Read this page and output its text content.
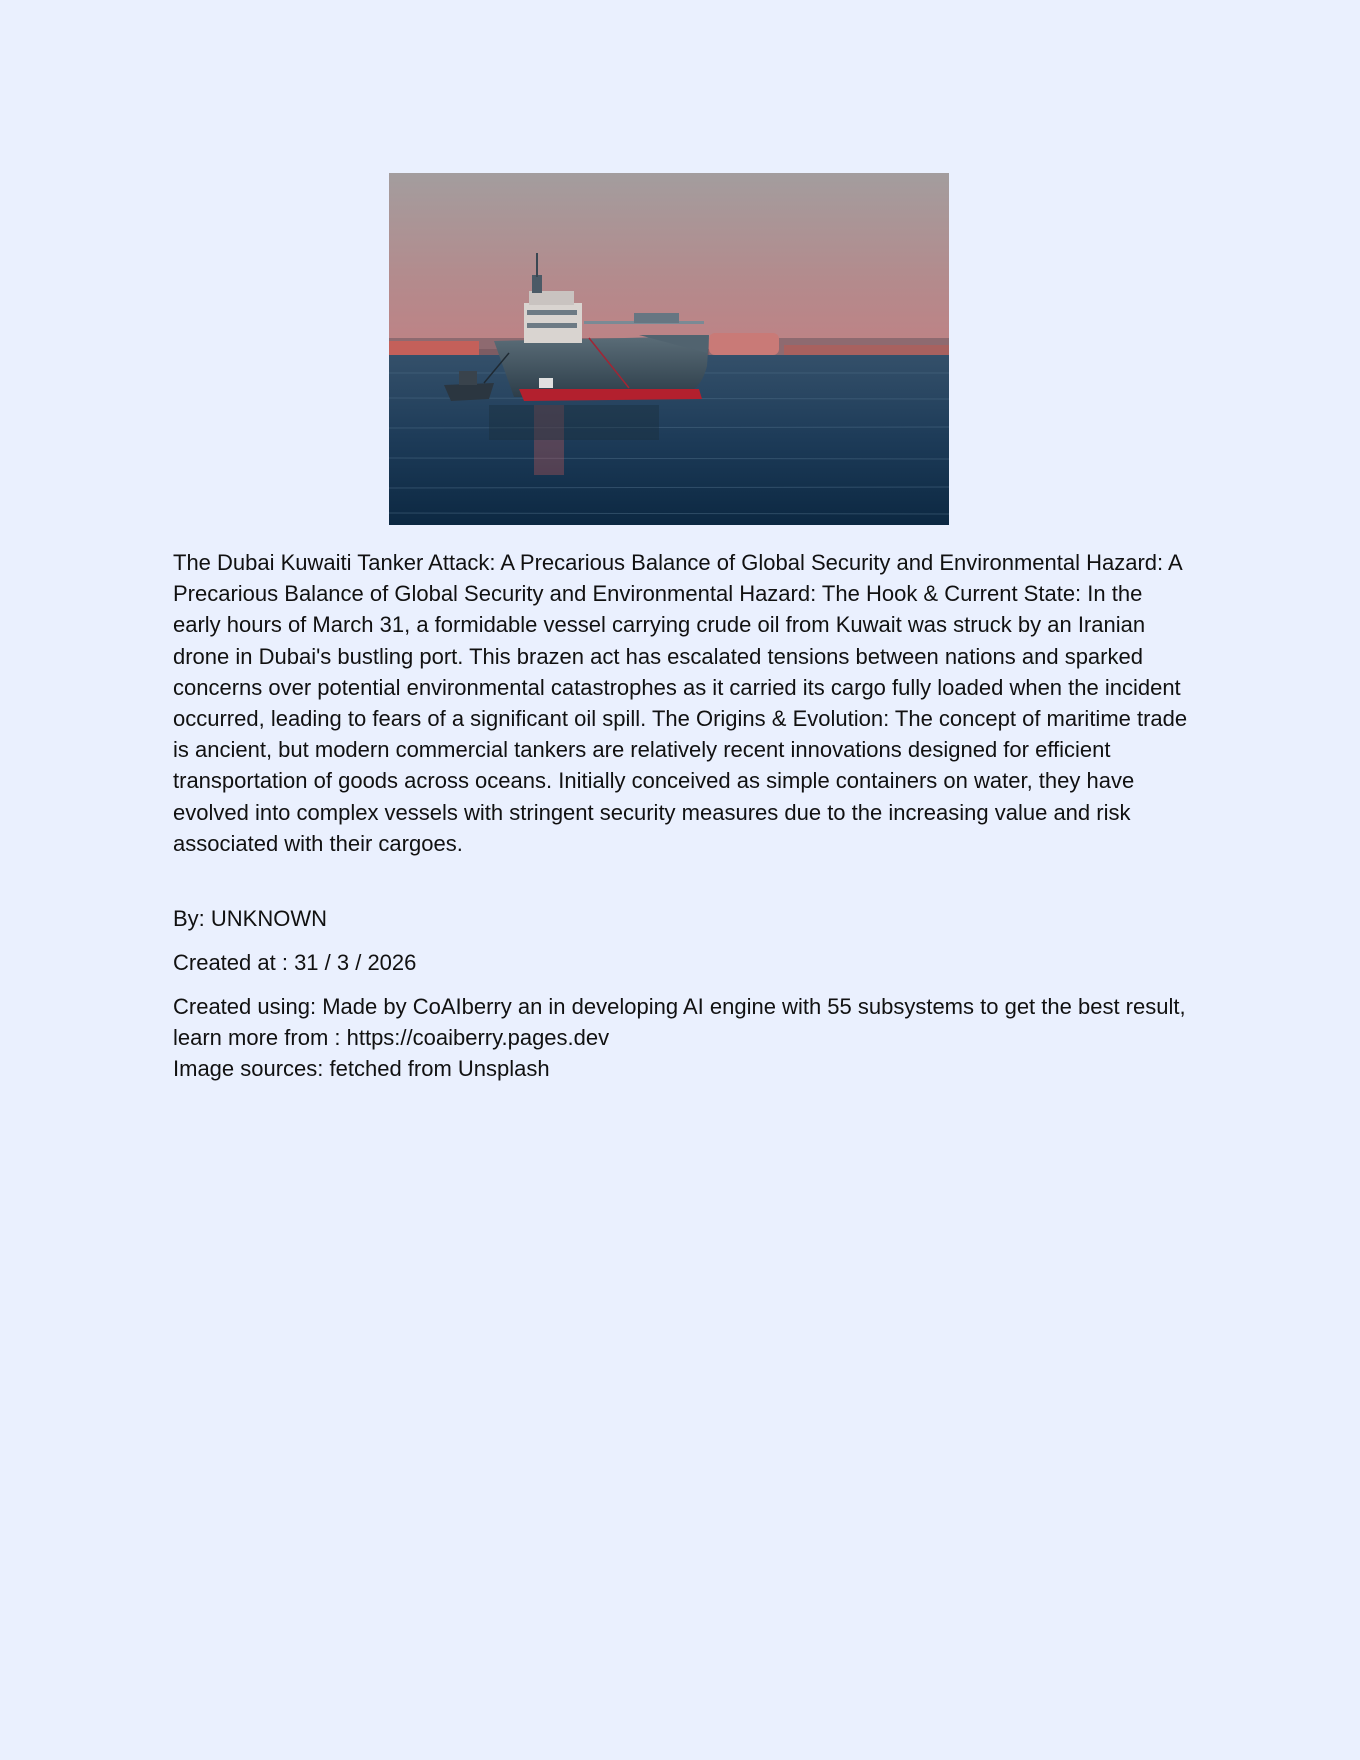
The Dubai Kuwaiti Tanker Attack: A Precarious Balance of Global Security and Environmental Hazard: A Precarious Balance of Global Security and Environmental Hazard: The Hook & Current State: In the early hours of March 31, a formidable vessel carrying crude oil from Kuwait was struck by an Iranian drone in Dubai's bustling port. This brazen act has escalated tensions between nations and sparked concerns over potential environmental catastrophes as it carried its cargo fully loaded when the incident occurred, leading to fears of a significant oil spill. The Origins & Evolution: The concept of maritime trade is ancient, but modern commercial tankers are relatively recent innovations designed for efficient transportation of goods across oceans. Initially conceived as simple containers on water, they have evolved into complex vessels with stringent security measures due to the increasing value and risk associated with their cargoes.

By: UNKNOWN
Created at : 31 / 3 / 2026
Created using: Made by CoAIberry an in developing AI engine with 55 subsystems to get the best result, learn more from : https://coaiberry.pages.dev
Image sources: fetched from Unsplash
